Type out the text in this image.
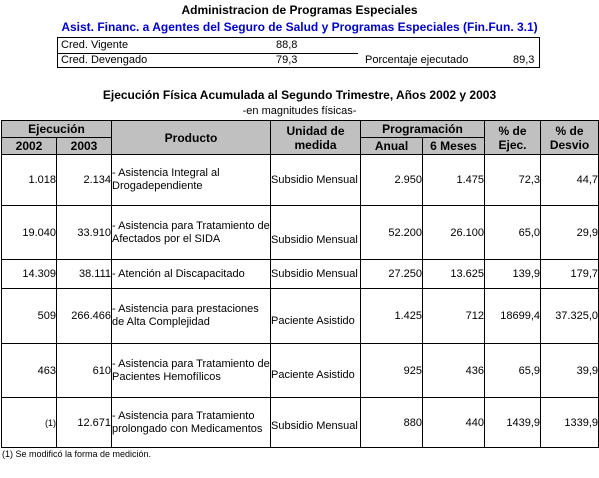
Administracion de Programas Especiales
Asist. Financ. a Agentes del Seguro de Salud y Programas Especiales (Fin.Fun. 3.1)
Cred. Vigente	88,8
Cred. Devengado	79,3	Porcentaje ejecutado	89,3
Ejecución Física Acumulada al Segundo Trimestre, Años 2002 y 2003
-en magnitudes físicas-
Ejecución		Producto	Unidad de medida	Programación		% de Ejec.	% de Desvio
2002	2003			Anual	6 Meses		
1.018	2.134	- Asistencia Integral al Drogadependiente	Subsidio Mensual	2.950	1.475	72,3	44,7
19.040	33.910	- Asistencia para Tratamiento de Afectados por el SIDA	Subsidio Mensual	52.200	26.100	65,0	29,9
14.309	38.111	- Atención al Discapacitado	Subsidio Mensual	27.250	13.625	139,9	179,7
509	266.466	- Asistencia para prestaciones de Alta Complejidad	Paciente Asistido	1.425	712	18699,4	37.325,0
463	610	- Asistencia para Tratamiento de Pacientes Hemofílicos	Paciente Asistido	925	436	65,9	39,9
(1)	12.671	- Asistencia para Tratamiento prolongado con Medicamentos	Subsidio Mensual	880	440	1439,9	1339,9
(1) Se modificó la forma de medición.
